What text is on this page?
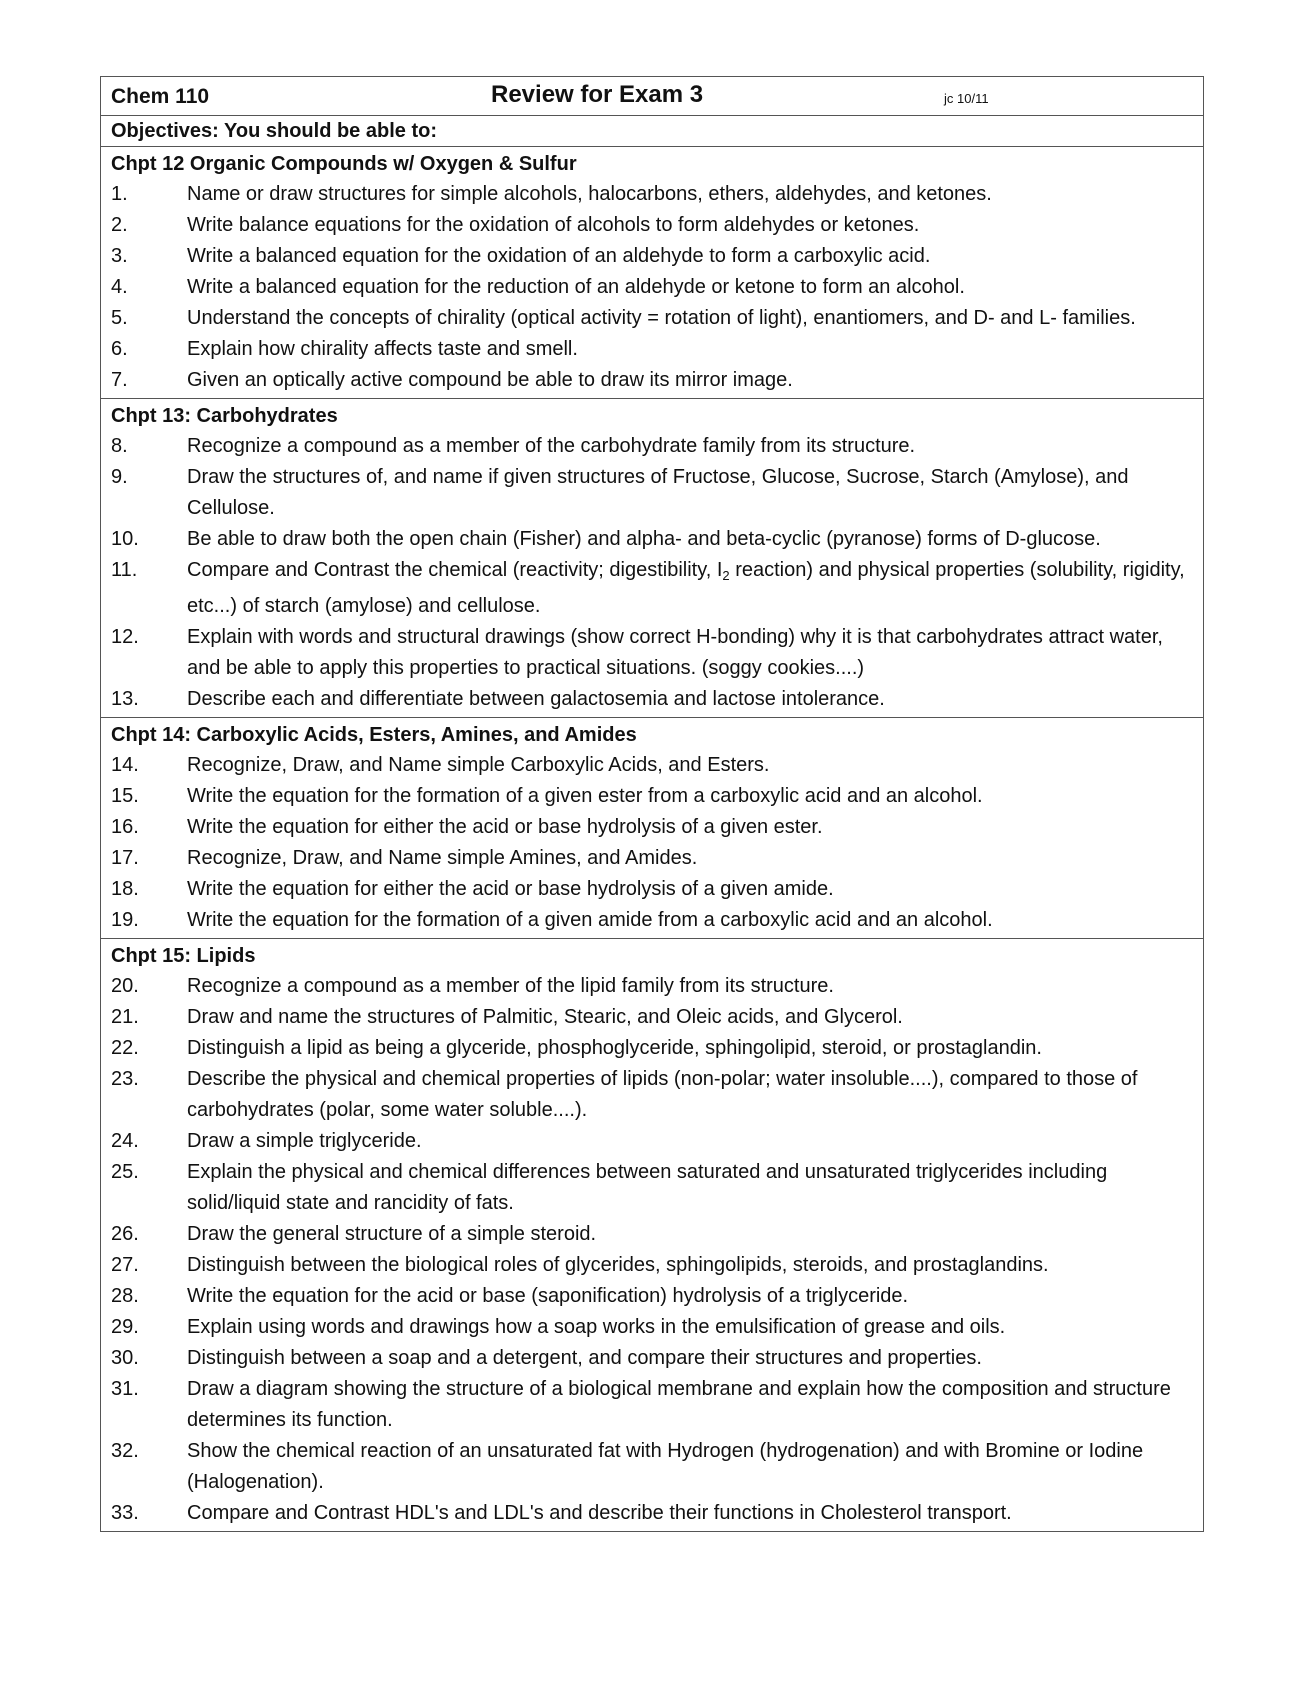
Chem 110	Review for Exam 3	jc 10/11
Objectives: You should be able to:
Chpt 12 Organic Compounds w/ Oxygen & Sulfur
1.	Name or draw structures for simple alcohols, halocarbons, ethers, aldehydes, and ketones.
2.	Write balance equations for the oxidation of alcohols to form aldehydes or ketones.
3.	Write a balanced equation for the oxidation of an aldehyde to form a carboxylic acid.
4.	Write a balanced equation for the reduction of an aldehyde or ketone to form an alcohol.
5.	Understand the concepts of chirality (optical activity = rotation of light), enantiomers, and D- and L- families.
6.	Explain how chirality affects taste and smell.
7.	Given an optically active compound be able to draw its mirror image.
Chpt 13: Carbohydrates
8.	Recognize a compound as a member of the carbohydrate family from its structure.
9.	Draw the structures of, and name if given structures of Fructose, Glucose, Sucrose, Starch (Amylose), and Cellulose.
10.	Be able to draw both the open chain (Fisher) and alpha- and beta-cyclic (pyranose) forms of D-glucose.
11.	Compare and Contrast the chemical (reactivity; digestibility, $I_2$ reaction) and physical properties (solubility, rigidity, etc...) of starch (amylose) and cellulose.
12.	Explain with words and structural drawings (show correct H-bonding) why it is that carbohydrates attract water, and be able to apply this properties to practical situations. (soggy cookies....)
13.	Describe each and differentiate between galactosemia and lactose intolerance.
Chpt 14: Carboxylic Acids, Esters, Amines, and Amides
14.	Recognize, Draw, and Name simple Carboxylic Acids, and Esters.
15.	Write the equation for the formation of a given ester from a carboxylic acid and an alcohol.
16.	Write the equation for either the acid or base hydrolysis of a given ester.
17.	Recognize, Draw, and Name simple Amines, and Amides.
18.	Write the equation for either the acid or base hydrolysis of a given amide.
19.	Write the equation for the formation of a given amide from a carboxylic acid and an alcohol.
Chpt 15: Lipids
20.	Recognize a compound as a member of the lipid family from its structure.
21.	Draw and name the structures of Palmitic, Stearic, and Oleic acids, and Glycerol.
22.	Distinguish a lipid as being a glyceride, phosphoglyceride, sphingolipid, steroid, or prostaglandin.
23.	Describe the physical and chemical properties of lipids (non-polar; water insoluble....), compared to those of carbohydrates (polar, some water soluble....).
24.	Draw a simple triglyceride.
25.	Explain the physical and chemical differences between saturated and unsaturated triglycerides including solid/liquid state and rancidity of fats.
26.	Draw the general structure of a simple steroid.
27.	Distinguish between the biological roles of glycerides, sphingolipids, steroids, and prostaglandins.
28.	Write the equation for the acid or base (saponification) hydrolysis of a triglyceride.
29.	Explain using words and drawings how a soap works in the emulsification of grease and oils.
30.	Distinguish between a soap and a detergent, and compare their structures and properties.
31.	Draw a diagram showing the structure of a biological membrane and explain how the composition and structure determines its function.
32.	Show the chemical reaction of an unsaturated fat with Hydrogen (hydrogenation) and with Bromine or Iodine (Halogenation).
33.	Compare and Contrast HDL's and LDL's and describe their functions in Cholesterol transport.
